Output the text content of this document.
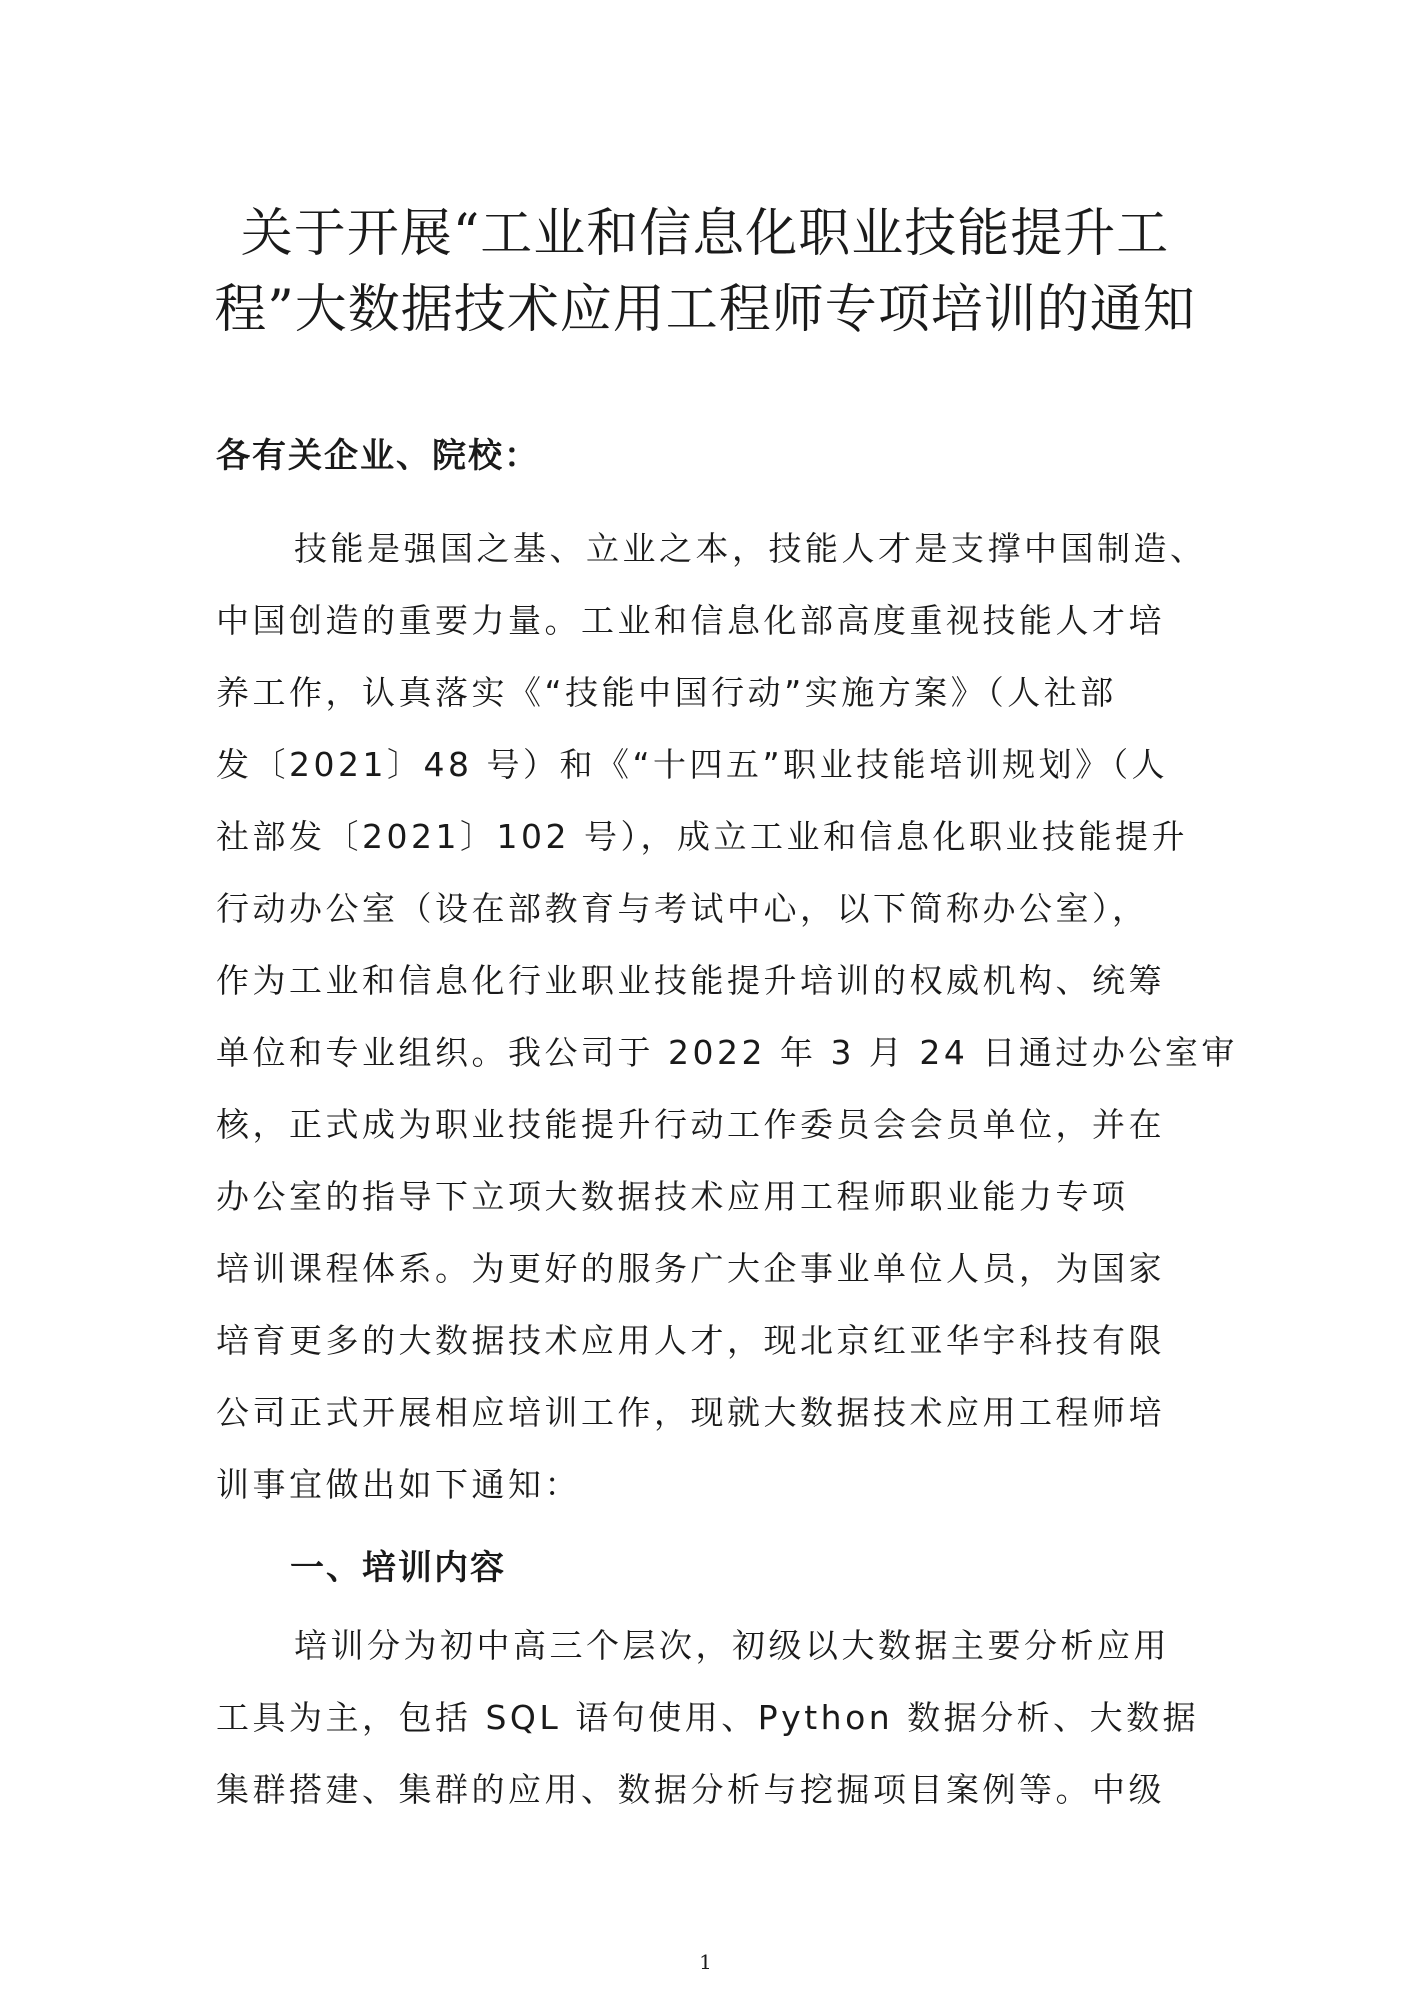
关于开展“工业和信息化职业技能提升工
程”大数据技术应用工程师专项培训的通知
各有关企业、院校：
技能是强国之基、立业之本，技能人才是支撑中国制造、
中国创造的重要力量。工业和信息化部高度重视技能人才培
养工作，认真落实《“技能中国行动”实施方案》（人社部
发〔2021〕48 号）和《“十四五”职业技能培训规划》（人
社部发〔2021〕102 号），成立工业和信息化职业技能提升
行动办公室（设在部教育与考试中心，以下简称办公室），
作为工业和信息化行业职业技能提升培训的权威机构、统筹
单位和专业组织。我公司于 2022 年 3 月 24 日通过办公室审
核，正式成为职业技能提升行动工作委员会会员单位，并在
办公室的指导下立项大数据技术应用工程师职业能力专项
培训课程体系。为更好的服务广大企事业单位人员，为国家
培育更多的大数据技术应用人才，现北京红亚华宇科技有限
公司正式开展相应培训工作，现就大数据技术应用工程师培
训事宜做出如下通知：
一、培训内容
培训分为初中高三个层次，初级以大数据主要分析应用
工具为主，包括 SQL 语句使用、Python 数据分析、大数据
集群搭建、集群的应用、数据分析与挖掘项目案例等。中级
1
